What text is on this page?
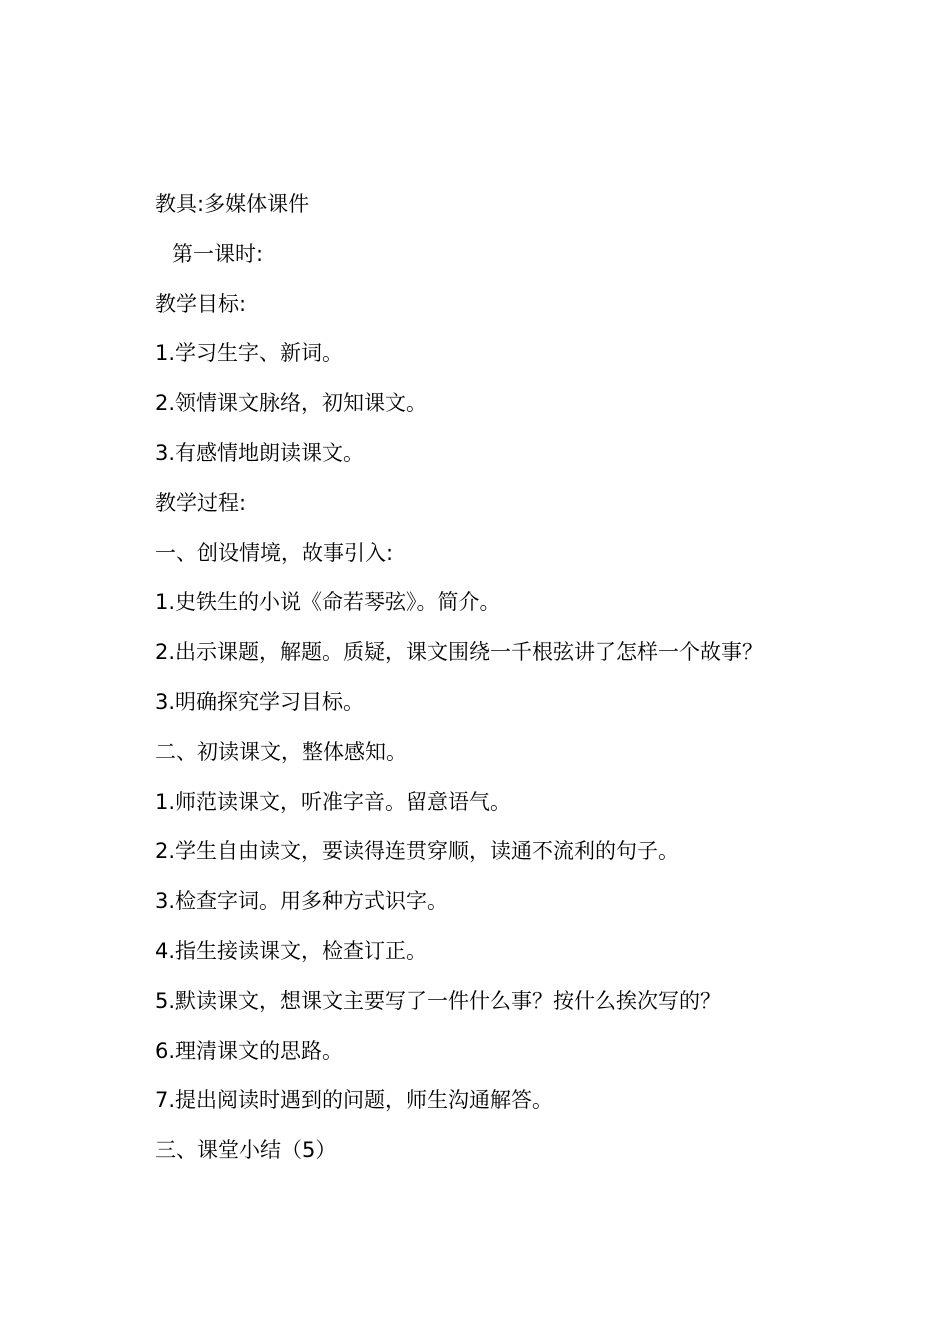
教具:多媒体课件
第一课时:
教学目标:
1.学习生字、新词。
2.领情课文脉络，初知课文。
3.有感情地朗读课文。
教学过程:
一、创设情境，故事引入:
1.史铁生的小说《命若琴弦》。简介。
2.出示课题，解题。质疑，课文围绕一千根弦讲了怎样一个故事？
3.明确探究学习目标。
二、初读课文，整体感知。
1.师范读课文，听准字音。留意语气。
2.学生自由读文，要读得连贯穿顺，读通不流利的句子。
3.检查字词。用多种方式识字。
4.指生接读课文，检查订正。
5.默读课文，想课文主要写了一件什么事？按什么挨次写的？
6.理清课文的思路。
7.提出阅读时遇到的问题，师生沟通解答。
三、课堂小结（5）
